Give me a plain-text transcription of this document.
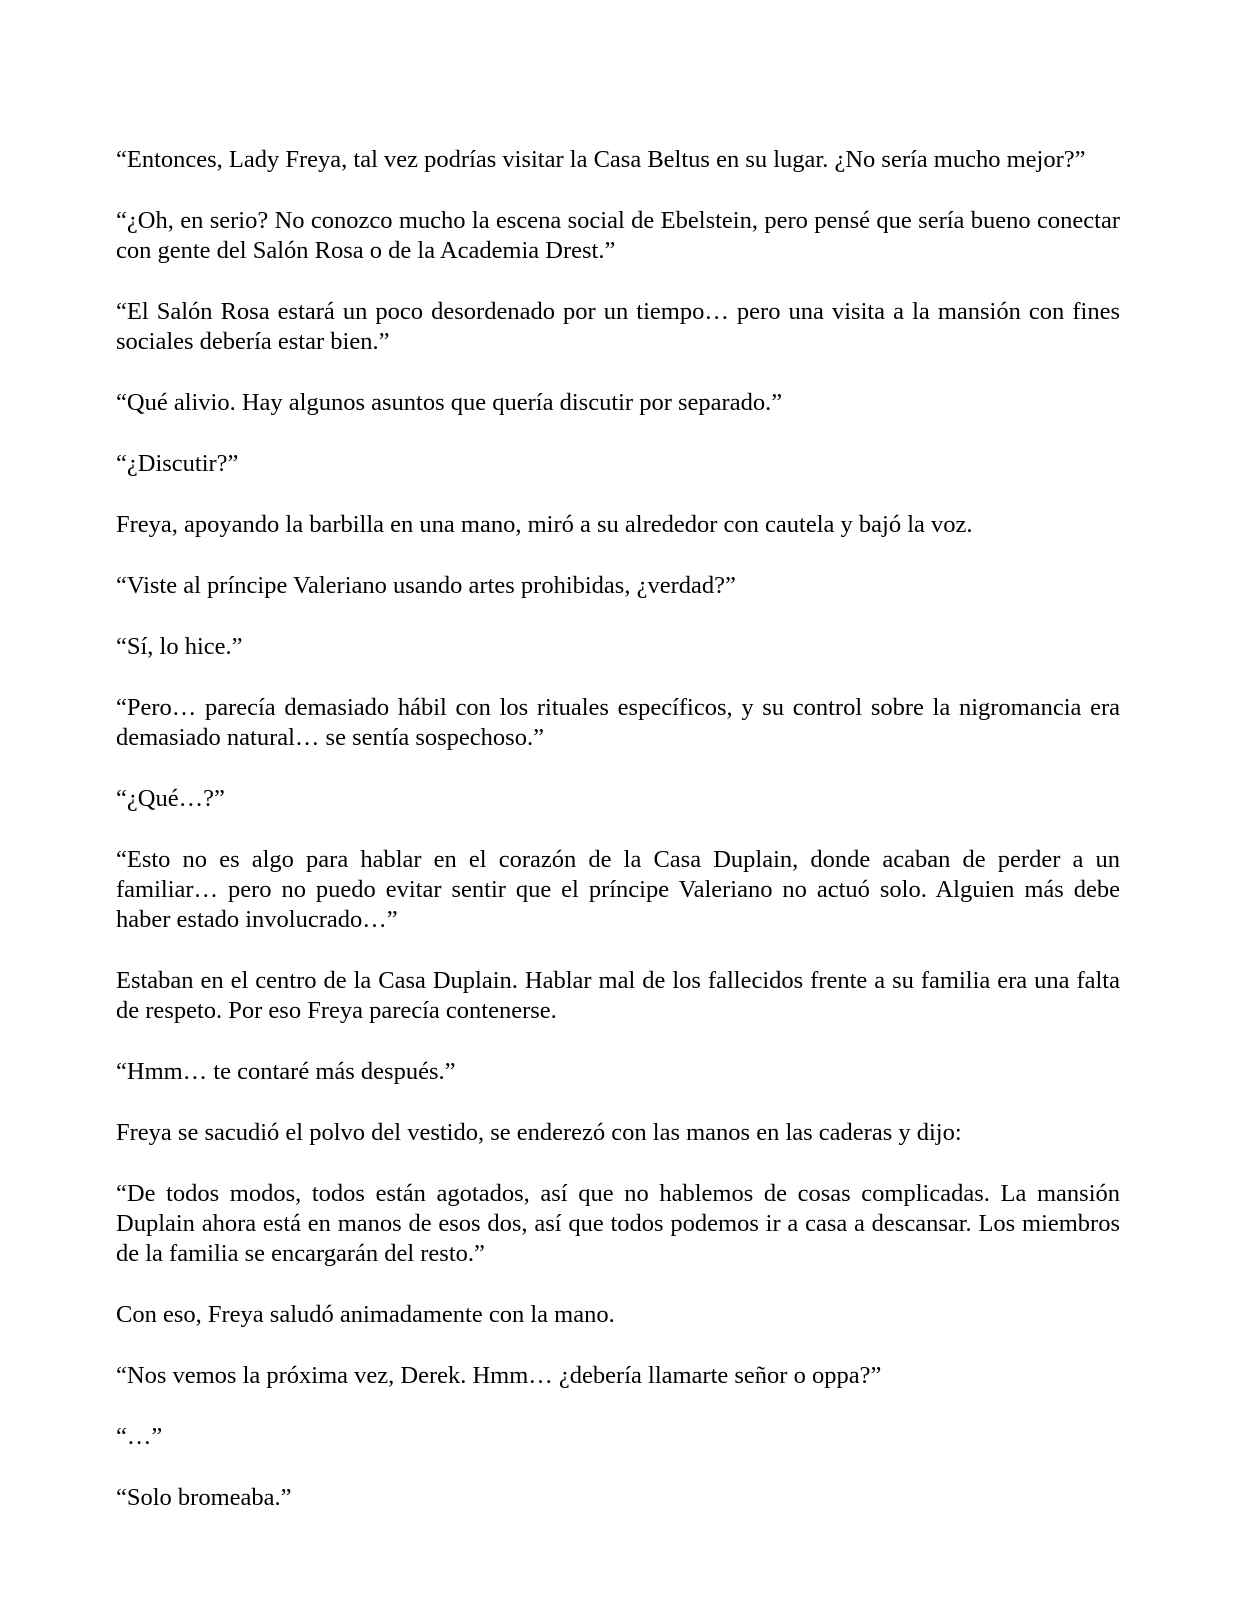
“Entonces, Lady Freya, tal vez podrías visitar la Casa Beltus en su lugar. ¿No sería mucho mejor?”

“¿Oh, en serio? No conozco mucho la escena social de Ebelstein, pero pensé que sería bueno conectar con gente del Salón Rosa o de la Academia Drest.”

“El Salón Rosa estará un poco desordenado por un tiempo… pero una visita a la mansión con fines sociales debería estar bien.”

“Qué alivio. Hay algunos asuntos que quería discutir por separado.”

“¿Discutir?”

Freya, apoyando la barbilla en una mano, miró a su alrededor con cautela y bajó la voz.

“Viste al príncipe Valeriano usando artes prohibidas, ¿verdad?”

“Sí, lo hice.”

“Pero… parecía demasiado hábil con los rituales específicos, y su control sobre la nigromancia era demasiado natural… se sentía sospechoso.”

“¿Qué…?”

“Esto no es algo para hablar en el corazón de la Casa Duplain, donde acaban de perder a un familiar… pero no puedo evitar sentir que el príncipe Valeriano no actuó solo. Alguien más debe haber estado involucrado…”

Estaban en el centro de la Casa Duplain. Hablar mal de los fallecidos frente a su familia era una falta de respeto. Por eso Freya parecía contenerse.

“Hmm… te contaré más después.”

Freya se sacudió el polvo del vestido, se enderezó con las manos en las caderas y dijo:

“De todos modos, todos están agotados, así que no hablemos de cosas complicadas. La mansión Duplain ahora está en manos de esos dos, así que todos podemos ir a casa a descansar. Los miembros de la familia se encargarán del resto.”

Con eso, Freya saludó animadamente con la mano.

“Nos vemos la próxima vez, Derek. Hmm… ¿debería llamarte señor o oppa?”

“…”

“Solo bromeaba.”
